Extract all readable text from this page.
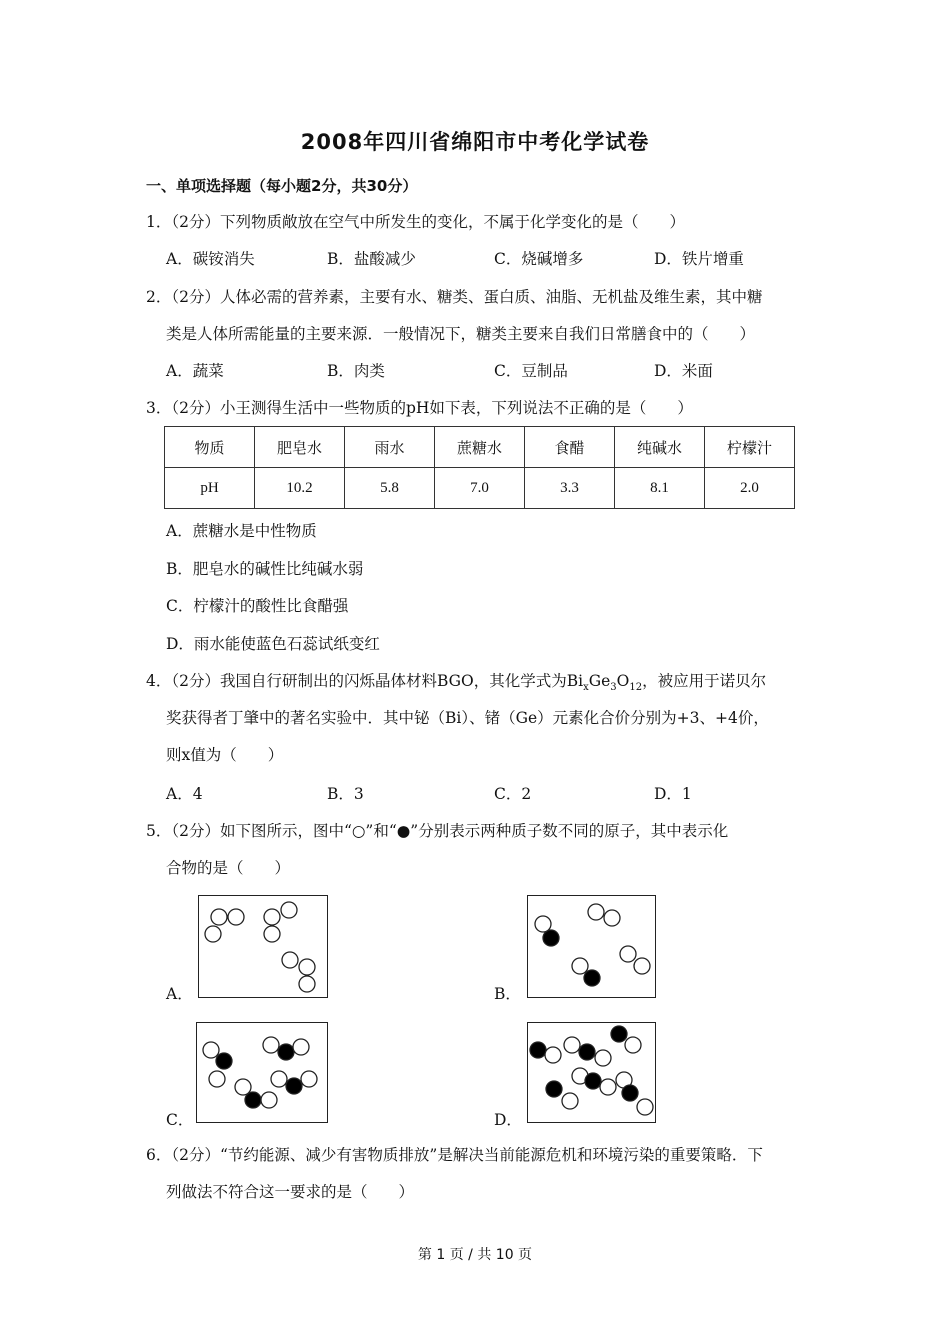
2008年四川省绵阳市中考化学试卷
一、单项选择题（每小题2分，共30分）
1．（2分）下列物质敞放在空气中所发生的变化，不属于化学变化的是（　　）
A．碳铵消失	B．盐酸减少	C．烧碱增多	D．铁片增重
2．（2分）人体必需的营养素，主要有水、糖类、蛋白质、油脂、无机盐及维生素，其中糖
类是人体所需能量的主要来源．一般情况下，糖类主要来自我们日常膳食中的（　　）
A．蔬菜	B．肉类	C．豆制品	D．米面
3．（2分）小王测得生活中一些物质的pH如下表，下列说法不正确的是（　　）
物质	肥皂水	雨水	蔗糖水	食醋	纯碱水	柠檬汁
pH	10.2	5.8	7.0	3.3	8.1	2.0
A．蔗糖水是中性物质
B．肥皂水的碱性比纯碱水弱
C．柠檬汁的酸性比食醋强
D．雨水能使蓝色石蕊试纸变红
4．（2分）我国自行研制出的闪烁晶体材料BGO，其化学式为$Bi_xGe_3O_{12}$，被应用于诺贝尔
奖获得者丁肇中的著名实验中．其中铋（Bi）、锗（Ge）元素化合价分别为+3、+4价，
则x值为（　　）
A．4	B．3	C．2	D．1
5．（2分）如下图所示，图中“○”和“●”分别表示两种质子数不同的原子，其中表示化
合物的是（　　）
A．	B．
C．	D．
6．（2分）“节约能源、减少有害物质排放”是解决当前能源危机和环境污染的重要策略．下
列做法不符合这一要求的是（　　）
第 1 页 / 共 10 页
